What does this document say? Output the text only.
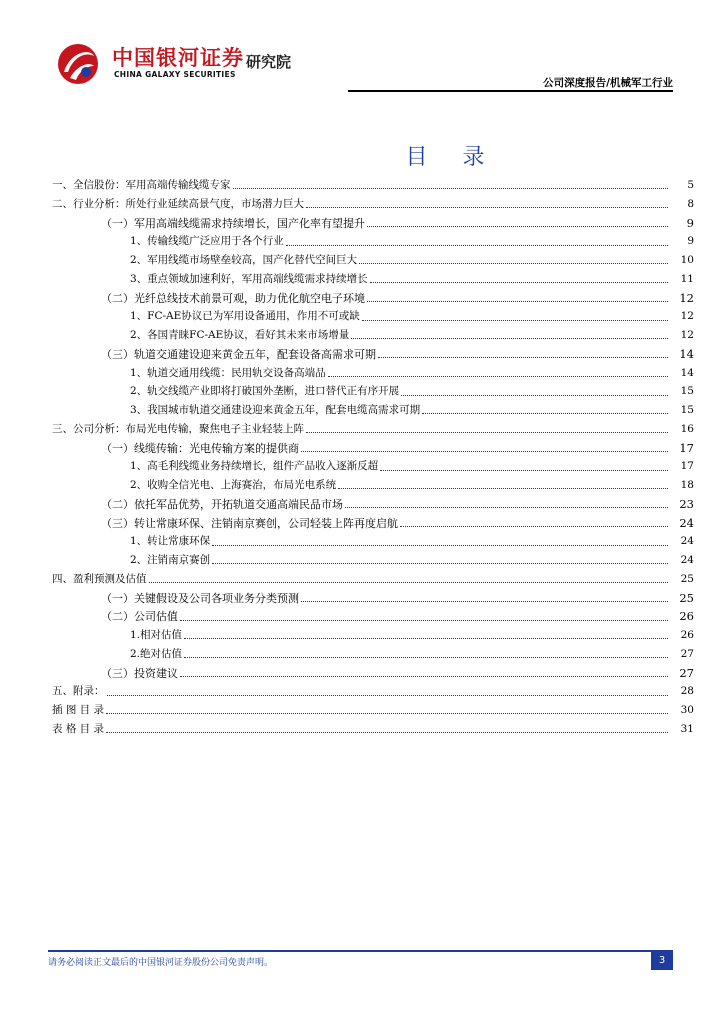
中国银河证券
CHINA GALAXY SECURITIES
研究院
公司深度报告/机械军工行业
目 录
一、全信股份：军用高端传输线缆专家	5
二、行业分析：所处行业延续高景气度，市场潜力巨大	8
（一）军用高端线缆需求持续增长，国产化率有望提升	9
1、传输线缆广泛应用于各个行业	9
2、军用线缆市场壁垒较高，国产化替代空间巨大	10
3、重点领域加速利好，军用高端线缆需求持续增长	11
（二）光纤总线技术前景可观，助力优化航空电子环境	12
1、FC-AE协议已为军用设备通用，作用不可或缺	12
2、各国青睐FC-AE协议，看好其未来市场增量	12
（三）轨道交通建设迎来黄金五年，配套设备高需求可期	14
1、轨道交通用线缆：民用轨交设备高端品	14
2、轨交线缆产业即将打破国外垄断，进口替代正有序开展	15
3、我国城市轨道交通建设迎来黄金五年，配套电缆高需求可期	15
三、公司分析：布局光电传输，聚焦电子主业轻装上阵	16
（一）线缆传输：光电传输方案的提供商	17
1、高毛利线缆业务持续增长，组件产品收入逐渐反超	17
2、收购全信光电、上海赛治，布局光电系统	18
（二）依托军品优势，开拓轨道交通高端民品市场	23
（三）转让常康环保、注销南京赛创，公司轻装上阵再度启航	24
1、转让常康环保	24
2、注销南京赛创	24
四、盈利预测及估值	25
（一）关键假设及公司各项业务分类预测	25
（二）公司估值	26
1.相对估值	26
2.绝对估值	27
（三）投资建议	27
五、附录：	28
插 图 目 录	30
表 格 目 录	31
请务必阅读正文最后的中国银河证券股份公司免责声明。	3
